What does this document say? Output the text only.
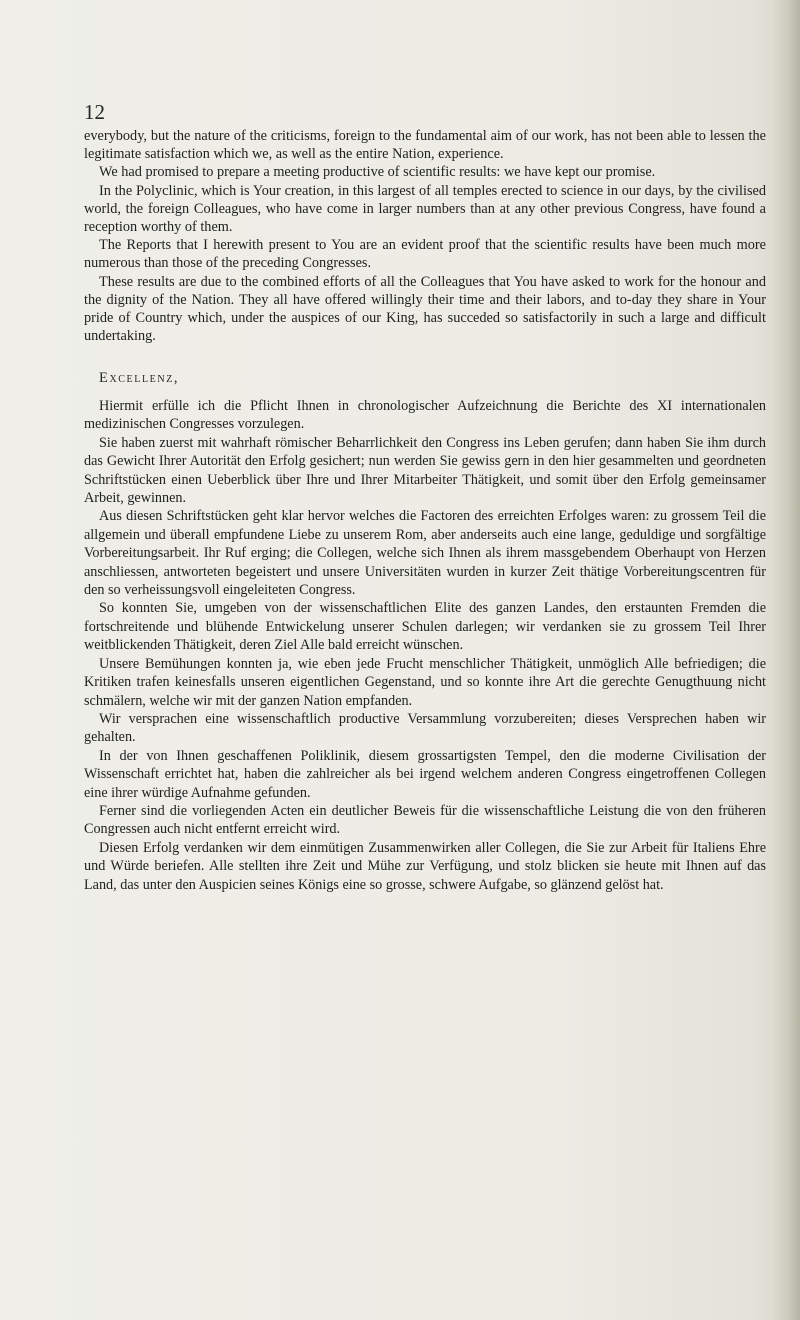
12

everybody, but the nature of the criticisms, foreign to the fundamental aim of our work, has not been able to lessen the legitimate satisfaction which we, as well as the entire Nation, experience.

We had promised to prepare a meeting productive of scientific results: we have kept our promise.

In the Polyclinic, which is Your creation, in this largest of all temples erected to science in our days, by the civilised world, the foreign Colleagues, who have come in larger numbers than at any other previous Congress, have found a reception worthy of them.

The Reports that I herewith present to You are an evident proof that the scientific results have been much more numerous than those of the preceding Congresses.

These results are due to the combined efforts of all the Colleagues that You have asked to work for the honour and the dignity of the Nation. They all have offered willingly their time and their labors, and to-day they share in Your pride of Country which, under the auspices of our King, has succeded so satisfactorily in such a large and difficult undertaking.

Excellenz,

Hiermit erfülle ich die Pflicht Ihnen in chronologischer Aufzeichnung die Berichte des XI internationalen medizinischen Congresses vorzulegen.

Sie haben zuerst mit wahrhaft römischer Beharrlichkeit den Congress ins Leben gerufen; dann haben Sie ihm durch das Gewicht Ihrer Autorität den Erfolg gesichert; nun werden Sie gewiss gern in den hier gesammelten und geordneten Schriftstücken einen Ueberblick über Ihre und Ihrer Mitarbeiter Thätigkeit, und somit über den Erfolg gemeinsamer Arbeit, gewinnen.

Aus diesen Schriftstücken geht klar hervor welches die Factoren des erreichten Erfolges waren: zu grossem Teil die allgemein und überall empfundene Liebe zu unserem Rom, aber anderseits auch eine lange, geduldige und sorgfältige Vorbereitungsarbeit. Ihr Ruf erging; die Collegen, welche sich Ihnen als ihrem massgebendem Oberhaupt von Herzen anschliessen, antworteten begeistert und unsere Universitäten wurden in kurzer Zeit thätige Vorbereitungscentren für den so verheissungsvoll eingeleiteten Congress.

So konnten Sie, umgeben von der wissenschaftlichen Elite des ganzen Landes, den erstaunten Fremden die fortschreitende und blühende Entwickelung unserer Schulen darlegen; wir verdanken sie zu grossem Teil Ihrer weitblickenden Thätigkeit, deren Ziel Alle bald erreicht wünschen.

Unsere Bemühungen konnten ja, wie eben jede Frucht menschlicher Thätigkeit, unmöglich Alle befriedigen; die Kritiken trafen keinesfalls unseren eigentlichen Gegenstand, und so konnte ihre Art die gerechte Genugthuung nicht schmälern, welche wir mit der ganzen Nation empfanden.

Wir versprachen eine wissenschaftlich productive Versammlung vorzubereiten; dieses Versprechen haben wir gehalten.

In der von Ihnen geschaffenen Poliklinik, diesem grossartigsten Tempel, den die moderne Civilisation der Wissenschaft errichtet hat, haben die zahlreicher als bei irgend welchem anderen Congress eingetroffenen Collegen eine ihrer würdige Aufnahme gefunden.

Ferner sind die vorliegenden Acten ein deutlicher Beweis für die wissenschaftliche Leistung die von den früheren Congressen auch nicht entfernt erreicht wird.

Diesen Erfolg verdanken wir dem einmütigen Zusammenwirken aller Collegen, die Sie zur Arbeit für Italiens Ehre und Würde beriefen. Alle stellten ihre Zeit und Mühe zur Verfügung, und stolz blicken sie heute mit Ihnen auf das Land, das unter den Auspicien seines Königs eine so grosse, schwere Aufgabe, so glänzend gelöst hat.
